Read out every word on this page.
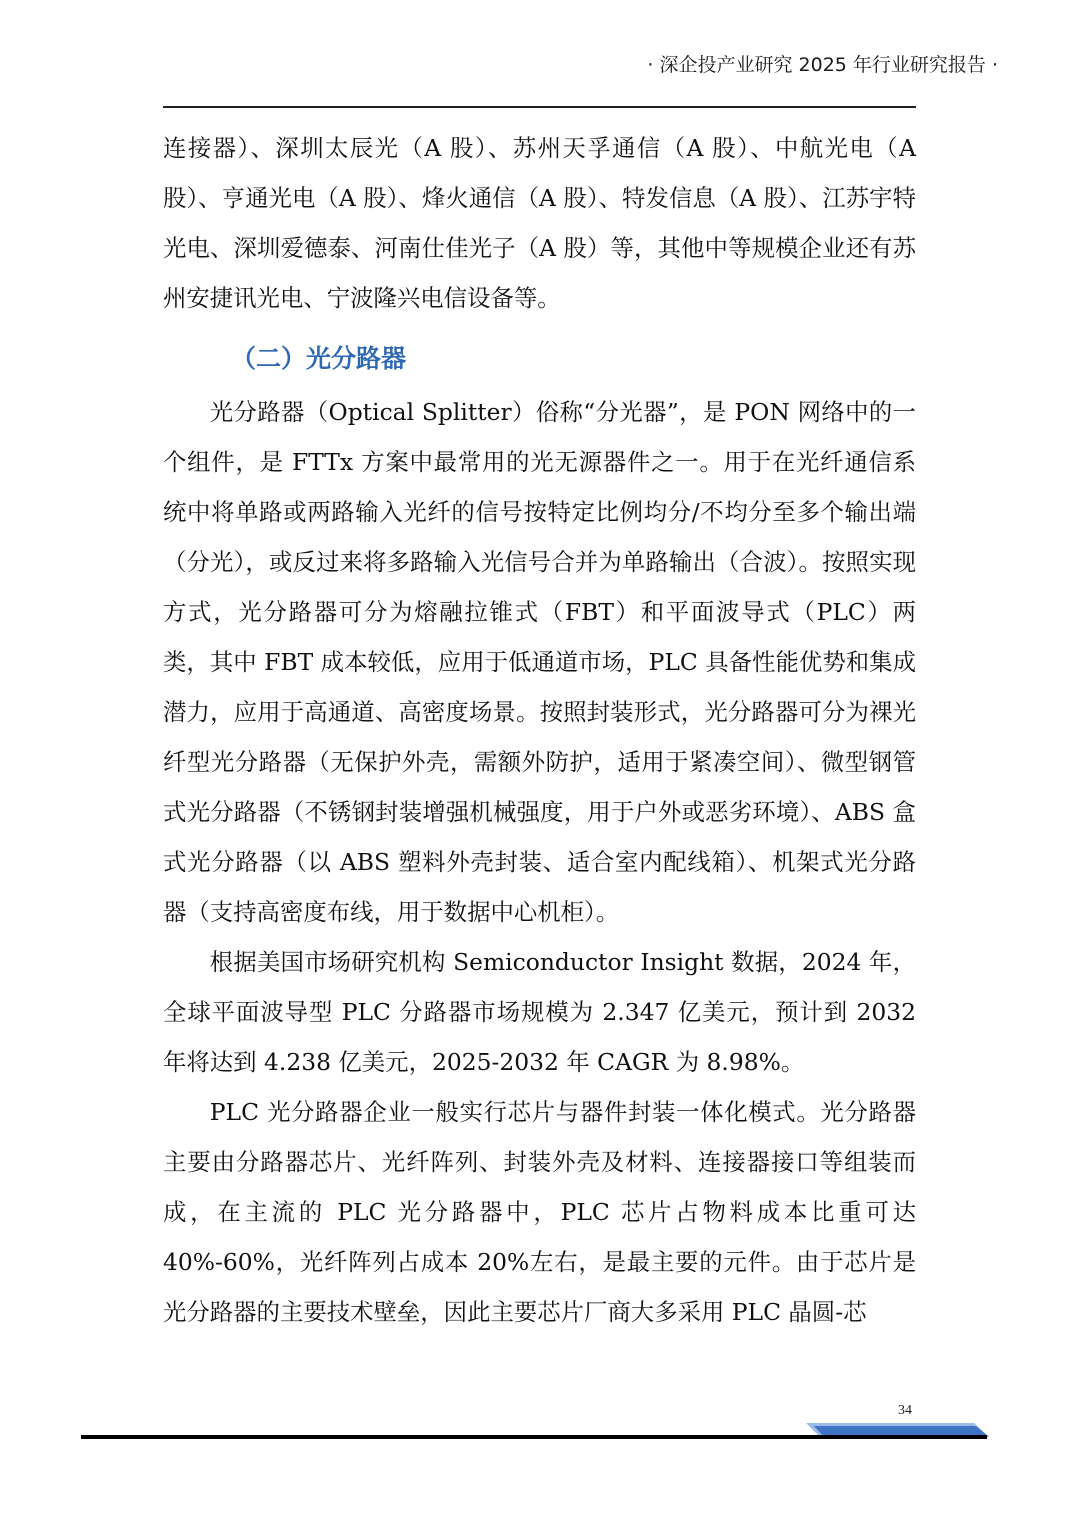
· 深企投产业研究 2025 年行业研究报告 ·

连接器）、深圳太辰光（A 股）、苏州天孚通信（A 股）、中航光电（A 股）、亨通光电（A 股）、烽火通信（A 股）、特发信息（A 股）、江苏宇特光电、深圳爱德泰、河南仕佳光子（A 股）等，其他中等规模企业还有苏州安捷讯光电、宁波隆兴电信设备等。

（二）光分路器

光分路器（Optical Splitter）俗称“分光器”，是 PON 网络中的一个组件，是 FTTx 方案中最常用的光无源器件之一。用于在光纤通信系统中将单路或两路输入光纤的信号按特定比例均分/不均分至多个输出端（分光），或反过来将多路输入光信号合并为单路输出（合波）。按照实现方式，光分路器可分为熔融拉锥式（FBT）和平面波导式（PLC）两类，其中 FBT 成本较低，应用于低通道市场，PLC 具备性能优势和集成潜力，应用于高通道、高密度场景。按照封装形式，光分路器可分为裸光纤型光分路器（无保护外壳，需额外防护，适用于紧凑空间）、微型钢管式光分路器（不锈钢封装增强机械强度，用于户外或恶劣环境）、ABS 盒式光分路器（以 ABS 塑料外壳封装、适合室内配线箱）、机架式光分路器（支持高密度布线，用于数据中心机柜）。

根据美国市场研究机构 Semiconductor Insight 数据，2024 年，全球平面波导型 PLC 分路器市场规模为 2.347 亿美元，预计到 2032 年将达到 4.238 亿美元，2025-2032 年 CAGR 为 8.98%。

PLC 光分路器企业一般实行芯片与器件封装一体化模式。光分路器主要由分路器芯片、光纤阵列、封装外壳及材料、连接器接口等组装而成，在主流的 PLC 光分路器中，PLC 芯片占物料成本比重可达 40%-60%，光纤阵列占成本 20%左右，是最主要的元件。由于芯片是光分路器的主要技术壁垒，因此主要芯片厂商大多采用 PLC 晶圆-芯

34
